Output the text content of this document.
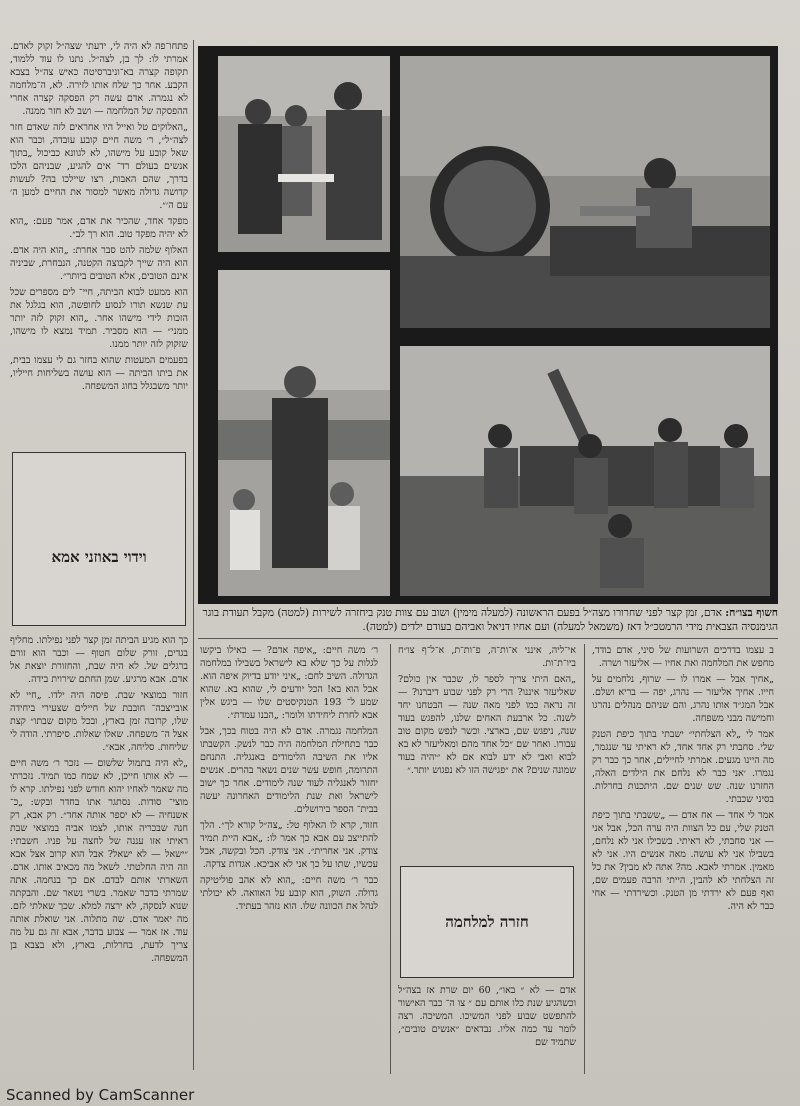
פתחו־פה לא היה לי, ידעתי שצה״ל זקוק לאדם. אמרתי לו: לך בן, לצה״ל. נתנו לו עוד ללמוד, תקופה קצרה בא־וניברסיטה כאיש צה״ל בצבא הקבע. אחר כך שלח אותו לזירה. לא, ה־מלחמה לא נגמרה. אדם עשה רק הפסקה קצרה אחרי ההפסקה של המלחמה — ושב לא חזר ממנה.

„האלוקים טל ואייל היו אחראים לזה שאדם חזר לצה״ל״, ר׳ משה חיים קובע עובדה, וכבר הוא שאל קובע על מישהו, לא לגוונא כביכול „בתוך אנשים בעולם רד־ אים להגיע, שבניהם הלכו בדרך, שהם האבות, רצו שיילכו בה? לעשות קדושה גדולה מאשר למסור את החיים למען ה׳ עם ה׳״.

מפקד אחד, שהכיר את אדם, אמר פעם: „הוא לא יהיה מפקד טוב. הוא רך לב״.

האלוף שלמה להט סבר אחרת: „הוא היה אדם. הוא היה שייך לקבוצה הקטנה, הנבחרת, שביניה אינם הטובים, אלא הטובים ביותר״.

הוא ממעט לבוא הביתה, חיי־ לים מספרים שכל עת שנשא תורו לנסוע לחופשה, הוא בגלגל את הזכות לידי מישהו אחר. „הוא זקוק לזה יותר ממני״ — הוא מסביר. תמיד נמצא לו מישהו, שזקוק לזה יותר ממנו.

בפעמים המעטות שהוא בחזר גם לי עצמו בבית, את ביתו הביתה — הוא עושה בשליחות חייליו, יותר משבגלל בחוג המשפחה.

וידוי באוזני אמא

כך הוא מגיע הביתה זמן קצר לפני נפילתו. מחליף בגדים, זורק שלום חטוף — וכבר הוא זורם ברגלים של. לא היה שבת, והחזורת יוצאת אל אדם. אבא מרגיע. שמן החתם שירוית בידה.

חזור במוצאי שבת. פיסה היה ילדו. „חיי לא אובייצבה־ חובבת של חיילים שצעירי ביחידה שלו, קרובה זמן בארץ, ובכל מקום שבתו״ קצת אצל ה־ משפחה. שאלו שאלות. סיפרתי. הודה לי שליחות. סליחה, אבא״.

„לא היה בתמול שלשום — נזכר ר׳ משה חיים — לא אותו חייכן, לא שמח כמו תמיד. נזכרתי מה שאמר לאחיו יהוא חודש לפני נפילתו. קרא לו מוצי־ סודות. נסתגר אתו בחדר ובקש: „כ־ אשנחיה — לא יספר אותה אחד״. רק אבא, רק חנה שבכריה אותו, לצמו אביה במוצאי שבת ראיתי אזו עננה של לחצה על פניו. חשבתי: ״ישאל — לא ישאל? אבל הוא קרוב אצל אבא וזה היה החלטתי. לשאל מה מכאיב אותו. אדם. השארתי אותם לבדם. אם כך בנחמה. אתה שמרתי בדבר שאמר. בשרי נשאר שם. והבקתה שנוא לנסקה, לא ירצה למלא. שכך שאלתי לזם. מה יאמר אדם. שה מתלוה. אני שואלת אותה עוד. אז אמר — צבוע בדבר, אבא זה גם על מה צריך לדעת, בחרלות, בארץ, ולא בצבא בן המשפחה.

חשוף בצו״ח: אדם, זמן קצר לפני שחרורו מצה״ל בפעם הראשונה (למעלה מימין) ושוב עם צוות טנק ביחזרה לשירות (למטה) מקבל תעודת בוגר הגימנסיה הצבאית מידי הרמטכ״ל דאז (משמאל למעלה) ועם אחיו דניאל ואביהם בעודם ילדים (למטה).

ר׳ משה חיים: „איפה אדם? — כאילו ביקשו לגלות על כך שלא בא לישראל בשבילו במלחמה הגדולה. השיב לחם: „איני יודע בדיוק איפה הוא. אבל הוא בא! הכל יודעים לי, שהוא בא. שהוא שמע ל־ 193 הטנקיסטים שלו — ביגש אלין אבא לחרת ליחידתו ולומר: „הבנו עמדת״.

המלחמה נגמרה. אדם לא היה בטוח בכך, אבל כבר בתחילת המלחמה היה כבר לנשק. הקשבתו אליו את השיבה הלימודים באנגליה. התנחם התרומה, חופש עשר שנים נשאר בהרים. אנשים יחזור לאנגליה לעוד שנה לימודים. אחר כך ישוב לישראל ואת שנת הלימודים האחרונה יעשה בבית־ הספר בירושלים.

חזור, קרא לו האלוף טל: „צה״ל קורא לך״. הלך להתייצב עם אבא כך אמר לו: „אבא היית תמיד צודק. אני אחרית״. אני צודק. הכל ובקשה, אבל עכשיו, שתו על כך אני לא אביכא. אגדות צדקה.

כבר ר׳ משה חיים: „הוא לא אהב פוליטיקה גדולה. השוק, הוא קובע על האוואה. לא יכולתי לנהל את הכוונה שלו. הוא נזהר בעתיד.

אי־ליה, אינני א־ות־ה, פ־ות־ת, א־ל־ף צו״ח ביו־ת־ות.

„האם היתי צריך לספר לו, שכבר אין כולם? שאליעזר איננו? הרי רק לפני שבוע דיברנו? — זה נראה כמו לפני מאה שנה — הבטחנו יחד לשנה. כל ארבעת האחים שלנו, להפגש בעוד שנה, ניפגש שם, בארצי. וכשר לנפש מקום טוב עבורו. ואחר שם ״כל אחד מהם ומאליעזר לא בא לבוא ואבי לא ידע לבוא אם לא ״יהיה בעוד שמונה שנים? את ״פגישה הזו לא נפגוש יותר.״

חזרה למלחמה

אדם — לא ״ באו״, 60 יום שרת אז בצה״ל וכשהגיע שנת כלו אותם עם ״ צו ה־ כבר האישור להתפשט שבוע לפני המשיכו. המשיכה. רצה לומר עד כמה אליו. נבדאים ״אנשים טובים״, שתמיד שם

ב עצמו בדרכים השרועות של סיני, אדם בודד, מחפש את המלחמה ואת אחיו — אליעזר ושרה.

„אחיך אבל — אמרו לו — שרוף, נלחמים על חייו. אחיך אליעזר — נהרג, יפה — בריא ושלם. אבל המג״ד אותו נהרג, והם שניהם מנהלים נהרגו וחמישה מבני משפחה.

אמר לי „לא הצלחתי״ ישבתי בתוך כיפת הטנק שלי. סחבתי רק אחד אחד, לא ראיתי עד שנגמר, מה היינו מגעים. אמרתי לחיילים, אחר כך כבר רק נגמרו. ׳אני כבר לא נלחם את הילדים האלה, החזרנו שנה. שש שנים שם. היתכנות בחרלות. בסיני שכבתי.

אמר לי אחד — אח אדם — „ששבתי בתוך כיפת הטנק שלי, עם כל הצוות היה ערה הכל, אבל אני — אני סחבתי, לא ראיתי. בשבילו אני לא נלחם, בשבילו אני לא עושה. מאה אנשים היו. אני לא מאמין. אמרתי לאבא. מה? אתה לא מבין? את כל זה הצלחתי לא להבין, הייתי הרבה פעמים שם, ואף פעם לא ירדתי מן הטנק. וכשירדתי — אחי כבר לא היה.

Scanned by CamScanner
